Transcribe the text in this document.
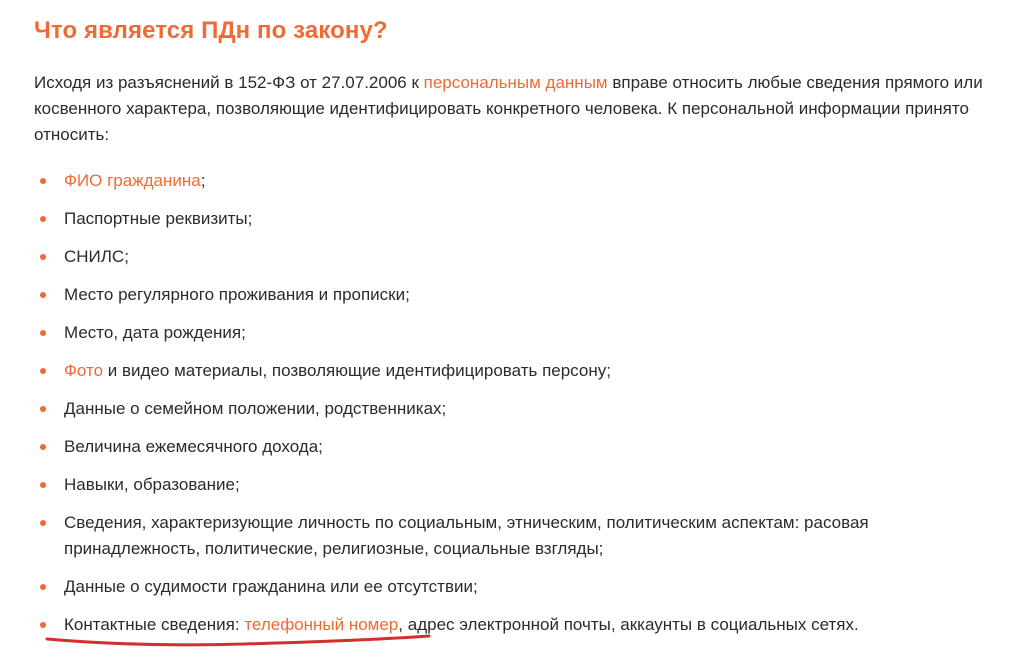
Что является ПДн по закону?

Исходя из разъяснений в 152-ФЗ от 27.07.2006 к персональным данным вправе относить любые сведения прямого или косвенного характера, позволяющие идентифицировать конкретного человека. К персональной информации принято относить:

ФИО гражданина;
Паспортные реквизиты;
СНИЛС;
Место регулярного проживания и прописки;
Место, дата рождения;
Фото и видео материалы, позволяющие идентифицировать персону;
Данные о семейном положении, родственниках;
Величина ежемесячного дохода;
Навыки, образование;
Сведения, характеризующие личность по социальным, этническим, политическим аспектам: расовая принадлежность, политические, религиозные, социальные взгляды;
Данные о судимости гражданина или ее отсутствии;
Контактные сведения: телефонный номер, адрес электронной почты, аккаунты в социальных сетях.
